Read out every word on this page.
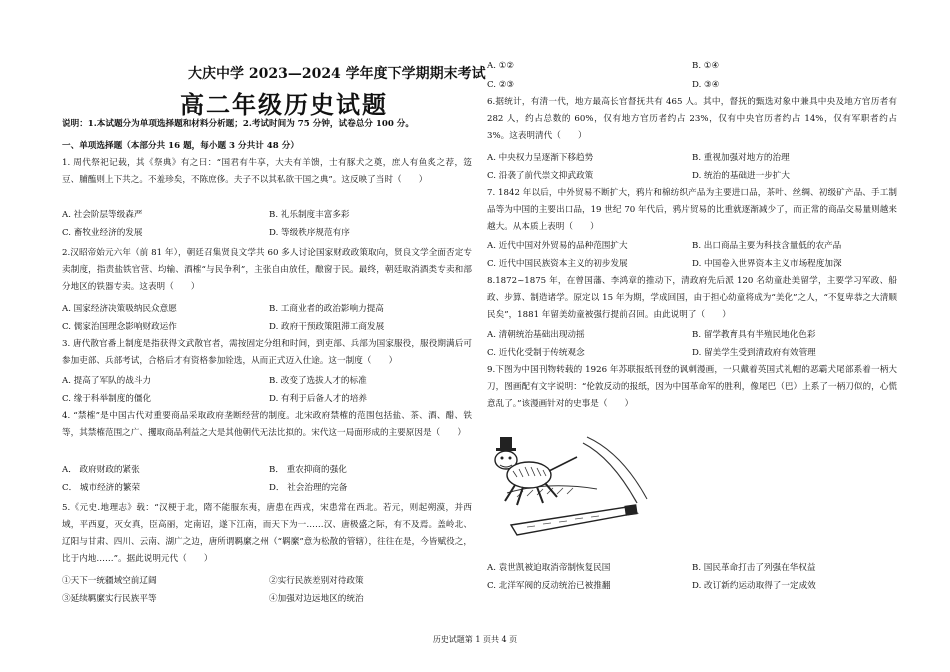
大庆中学 2023—2024 学年度下学期期末考试
高二年级历史试题
说明：1.本试题分为单项选择题和材料分析题；2.考试时间为 75 分钟，试卷总分 100 分。
一、单项选择题（本部分共 16 题，每小题 3 分共计 48 分）
1. 周代祭祀记载，其《祭典》有之曰：“国君有牛享，大夫有羊馈，士有豚犬之奠，庶人有鱼炙之荐，笾豆、脯醢则上下共之。不羞珍矣，不陈庶侈。夫子不以其私欲干国之典”。这反映了当时（　　）
A. 社会阶层等级森严	B. 礼乐制度丰富多彩
C. 畜牧业经济的发展	D. 等级秩序规范有序
2.汉昭帝始元六年（前 81 年），朝廷召集贤良文学共 60 多人讨论国家财政政策取向，贤良文学全面否定专卖制度，指责盐铁官营、均输、酒榷“与民争利”，主张自由放任，酿窗于民。最终，朝廷取消酒类专卖和部分地区的铁器专卖。这表明（　　）
A. 国家经济决策吸纳民众意愿	B. 工商业者的政治影响力提高
C. 儒家治国理念影响财政运作	D. 政府干预政策阻滞工商发展
3. 唐代散官番上制度是指获得文武散官者，需按固定分组和时间，到吏部、兵部为国家服役，服役期满后可参加吏部、兵部考试，合格后才有资格参加铨选，从而正式迈入仕途。这一制度（　　）
A. 提高了军队的战斗力	B. 改变了选拔人才的标准
C. 缘于科举制度的僵化	D. 有利于后备人才的培养
4. “禁榷”是中国古代对重要商品采取政府垄断经营的制度。北宋政府禁榷的范围包括盐、茶、酒、醋、铁等，其禁榷范围之广、攫取商品利益之大是其他朝代无法比拟的。宋代这一局面形成的主要原因是（　　）
A． 政府财政的紧张	B． 重农抑商的强化
C． 城市经济的繁荣	D． 社会治理的完备
5.《元史.地理志》载：“汉梗于北，隋不能服东夷，唐患在西戎，宋患常在西北。若元，则起朔漠，并西域，平西夏，灭女真，臣高丽，定南诏，遂下江南，而天下为一……汉、唐极盛之际，有不及焉。盖岭北、辽阳与甘肃、四川、云南、湖广之边，唐所谓羁縻之州（“羁縻”意为松散的管辖），往往在是，今皆赋役之，比于内地……”。据此说明元代（　　）
①天下一统疆域空前辽阔	②实行民族差别对待政策
③延续羁縻实行民族平等	④加强对边远地区的统治
A. ①②	B. ①④
C. ②③	D. ③④
6.据统计，有清一代，地方最高长官督抚共有 465 人。其中，督抚的甄选对象中兼具中央及地方官历者有 282 人，约占总数的 60%，仅有地方官历者约占 23%，仅有中央官历者约占 14%，仅有军职者约占 3%。这表明清代（　　）
A. 中央权力呈逐渐下移趋势	B. 重视加强对地方的治理
C. 沿袭了前代崇文抑武政策	D. 统治的基础进一步扩大
7. 1842 年以后，中外贸易不断扩大，鸦片和棉纺织产品为主要进口品，茶叶、丝绸、初级矿产品、手工制品等为中国的主要出口品，19 世纪 70 年代后，鸦片贸易的比重就逐渐减少了，而正常的商品交易量则越来越大。从本质上表明（　　）
A. 近代中国对外贸易的品种范围扩大	B. 出口商品主要为科技含量低的农产品
C. 近代中国民族资本主义的初步发展	D. 中国卷入世界资本主义市场程度加深
8.1872~1875 年，在曾国藩、李鸿章的推动下，清政府先后派 120 名幼童赴美留学，主要学习军政、船政、步算、制造诸学。原定以 15 年为期，学成回国，由于担心幼童将成为“美化”之人，“不复卑恭之大清顺民矣”，1881 年留美幼童被强行提前召回。由此说明了（　　）
A. 清朝统治基础出现动摇	B. 留学教育具有半殖民地化色彩
C. 近代化受制于传统观念	D. 留美学生受到清政府有效管理
9.下图为中国刊物转载的 1926 年苏联报纸刊登的讽刺漫画，一只戴着英国式礼帽的恶霸犬尾部系着一柄大刀，图画配有文字说明：“伦敦反动的报纸，因为中国革命军的胜利，像尾巴（巴）上系了一柄刀似的，心慌意乱了。”该漫画针对的史事是（　　）
A. 袁世凯被迫取消帝制恢复民国	B. 国民革命打击了列强在华权益
C. 北洋军阀的反动统治已被推翻	D. 改订新约运动取得了一定成效
历史试题第 1 页共 4 页
